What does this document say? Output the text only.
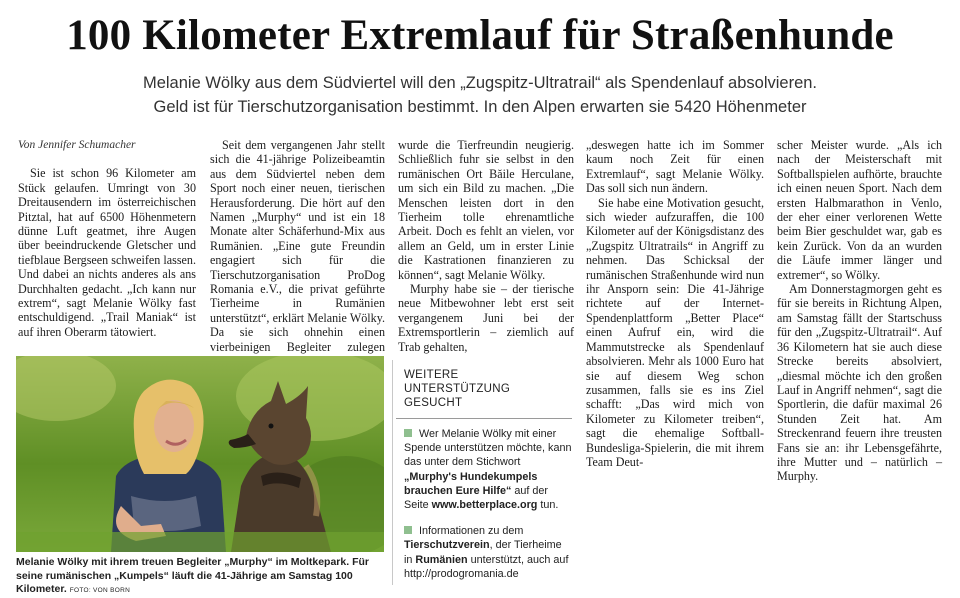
100 Kilometer Extremlauf für Straßenhunde
Melanie Wölky aus dem Südviertel will den „Zugspitz-Ultratrail“ als Spendenlauf absolvieren.
Geld ist für Tierschutzorganisation bestimmt. In den Alpen erwarten sie 5420 Höhenmeter

Von Jennifer Schumacher

Sie ist schon 96 Kilometer am Stück gelaufen. Umringt von 30 Dreitausendern im österreichischen Pitztal, hat auf 6500 Höhenmetern dünne Luft geatmet, ihre Augen über beeindruckende Gletscher und tiefblaue Bergseen schweifen lassen. Und dabei an nichts anderes als ans Durchhalten gedacht. „Ich kann nur extrem“, sagt Melanie Wölky fast entschuldigend. „Trail Maniak“ ist auf ihren Oberarm tätowiert.

Seit dem vergangenen Jahr stellt sich die 41-jährige Polizeibeamtin aus dem Südviertel neben dem Sport noch einer neuen, tierischen Herausforderung. Die hört auf den Namen „Murphy“ und ist ein 18 Monate alter Schäferhund-Mix aus Rumänien. „Eine gute Freundin engagiert sich für die Tierschutzorganisation ProDog Romania e.V., die privat geführte Tierheime in Rumänien unterstützt“, erklärt Melanie Wölky. Da sie sich ohnehin einen vierbeinigen Begleiter zulegen

wurde die Tierfreundin neugierig. Schließlich fuhr sie selbst in den rumänischen Ort Băile Herculane, um sich ein Bild zu machen. „Die Menschen leisten dort in den Tierheim tolle ehrenamtliche Arbeit. Doch es fehlt an vielen, vor allem an Geld, um in erster Linie die Kastrationen finanzieren zu können“, sagt Melanie Wölky.

Murphy habe sie – der tierische neue Mitbewohner lebt erst seit vergangenem Juni bei der Extremsportlerin – ziemlich auf Trab gehalten,

„deswegen hatte ich im Sommer kaum noch Zeit für einen Extremlauf“, sagt Melanie Wölky. Das soll sich nun ändern.

Sie habe eine Motivation gesucht, sich wieder aufzuraffen, die 100 Kilometer auf der Königsdistanz des „Zugspitz Ultratrails“ in Angriff zu nehmen. Das Schicksal der rumänischen Straßenhunde wird nun ihr Ansporn sein: Die 41-Jährige richtete auf der Internet-Spendenplattform „Better Place“ einen Aufruf ein, wird die Mammutstrecke als Spendenlauf absolvieren. Mehr als 1000 Euro hat sie auf diesem Weg schon zusammen, falls sie es ins Ziel schafft: „Das wird mich von Kilometer zu Kilometer treiben“, sagt die ehemalige Softball-Bundesliga-Spielerin, die mit ihrem Team Deut-

scher Meister wurde. „Als ich nach der Meisterschaft mit Softballspielen aufhörte, brauchte ich einen neuen Sport. Nach dem ersten Halbmarathon in Venlo, der eher einer verlorenen Wette beim Bier geschuldet war, gab es kein Zurück. Von da an wurden die Läufe immer länger und extremer“, so Wölky.

Am Donnerstagmorgen geht es für sie bereits in Richtung Alpen, am Samstag fällt der Startschuss für den „Zugspitz-Ultratrail“. Auf 36 Kilometern hat sie auch diese Strecke bereits absolviert, „diesmal möchte ich den großen Lauf in Angriff nehmen“, sagt die Sportlerin, die dafür maximal 26 Stunden Zeit hat. Am Streckenrand feuern ihre treusten Fans sie an: ihr Lebensgefährte, ihre Mutter und – natürlich – Murphy.

Melanie Wölky mit ihrem treuen Begleiter „Murphy“ im Moltkepark. Für seine rumänischen „Kumpels“ läuft die 41-Jährige am Samstag 100 Kilometer. FOTO: VON BORN
WEITERE UNTERSTÜTZUNG
GESUCHT
Wer Melanie Wölky mit einer Spende unterstützen möchte, kann das unter dem Stichwort „Murphy's Hundekumpels brauchen Eure Hilfe“ auf der Seite www.betterplace.org tun.
Informationen zu dem Tierschutzverein, der Tierheime in Rumänien unterstützt, auch auf http://prodogromania.de
